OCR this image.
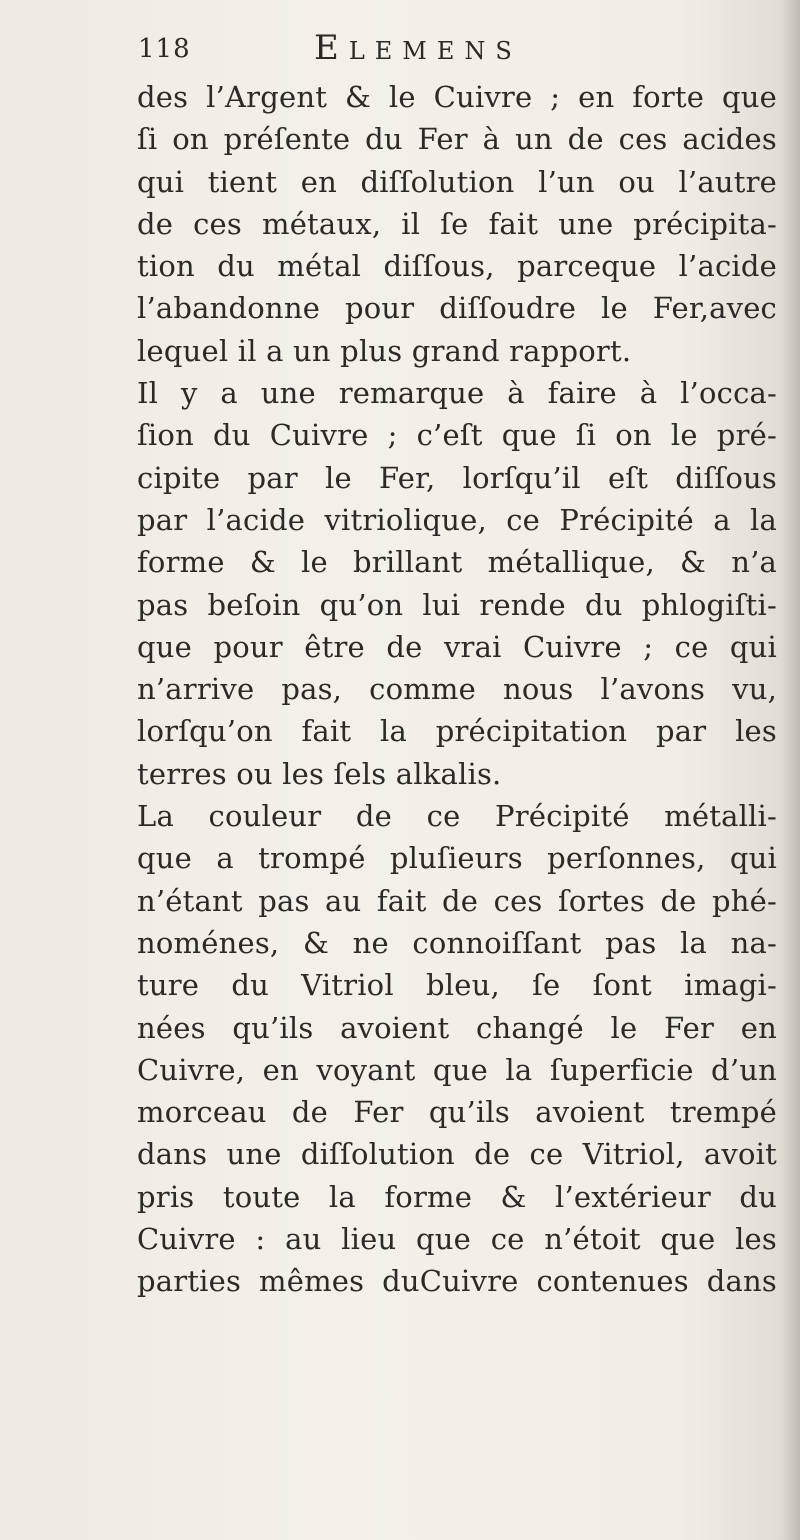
118	Elemens
des l’Argent & le Cuivre ; en forte que
ſi on préſente du Fer à un de ces acides
qui tient en diſſolution l’un ou l’autre
de ces métaux, il ſe fait une précipita-
tion du métal diſſous, parceque l’acide
l’abandonne pour diſſoudre le Fer,avec
lequel il a un plus grand rapport.
Il y a une remarque à faire à l’occa-
ſion du Cuivre ; c’eſt que ſi on le pré-
cipite par le Fer, lorſqu’il eſt diſſous
par l’acide vitriolique, ce Précipité a la
forme & le brillant métallique, & n’a
pas beſoin qu’on lui rende du phlogiſti-
que pour être de vrai Cuivre ; ce qui
n’arrive pas, comme nous l’avons vu,
lorſqu’on fait la précipitation par les
terres ou les ſels alkalis.
La couleur de ce Précipité métalli-
que a trompé pluſieurs perſonnes, qui
n’étant pas au fait de ces ſortes de phé-
noménes, & ne connoiſſant pas la na-
ture du Vitriol bleu, ſe ſont imagi-
nées qu’ils avoient changé le Fer en
Cuivre, en voyant que la ſuperficie d’un
morceau de Fer qu’ils avoient trempé
dans une diſſolution de ce Vitriol, avoit
pris toute la forme & l’extérieur du
Cuivre : au lieu que ce n’étoit que les
parties mêmes duCuivre contenues dans
